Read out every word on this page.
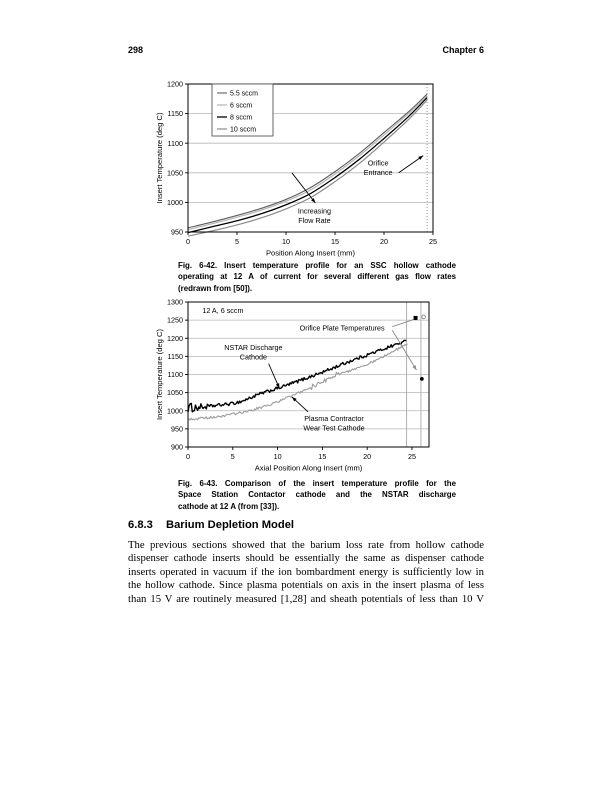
298	Chapter 6
0	5	10	15	20	25
950
1000
1050
1100
1150
1200
Position Along Insert (mm)
Insert Temperature (deg C)	Orifice
Entrance
Increasing
Flow Rate
5.5 sccm
6 sccm
8 sccm
10 sccm
Fig. 6-42. Insert temperature profile for an SSC hollow cathode
operating at 12 A of current for several different gas flow rates
(redrawn from [50]).
0	5	10	15	20	25
900
950
1000
1050
1100
1150
1200
1250
1300
Axial Position Along Insert (mm)
Insert Temperature (deg C)
12 A, 6 sccm
Orifice Plate Temperatures
NSTAR Discharge
Cathode
Plasma Contractor
Wear Test Cathode
Fig. 6-43. Comparison of the insert temperature profile for the
Space Station Contactor cathode and the NSTAR discharge
cathode at 12 A (from [33]).
6.8.3	Barium Depletion Model
The previous sections showed that the barium loss rate from hollow cathode
dispenser cathode inserts should be essentially the same as dispenser cathode
inserts operated in vacuum if the ion bombardment energy is sufficiently low in
the hollow cathode. Since plasma potentials on axis in the insert plasma of less
than 15 V are routinely measured [1,28] and sheath potentials of less than 10 V
